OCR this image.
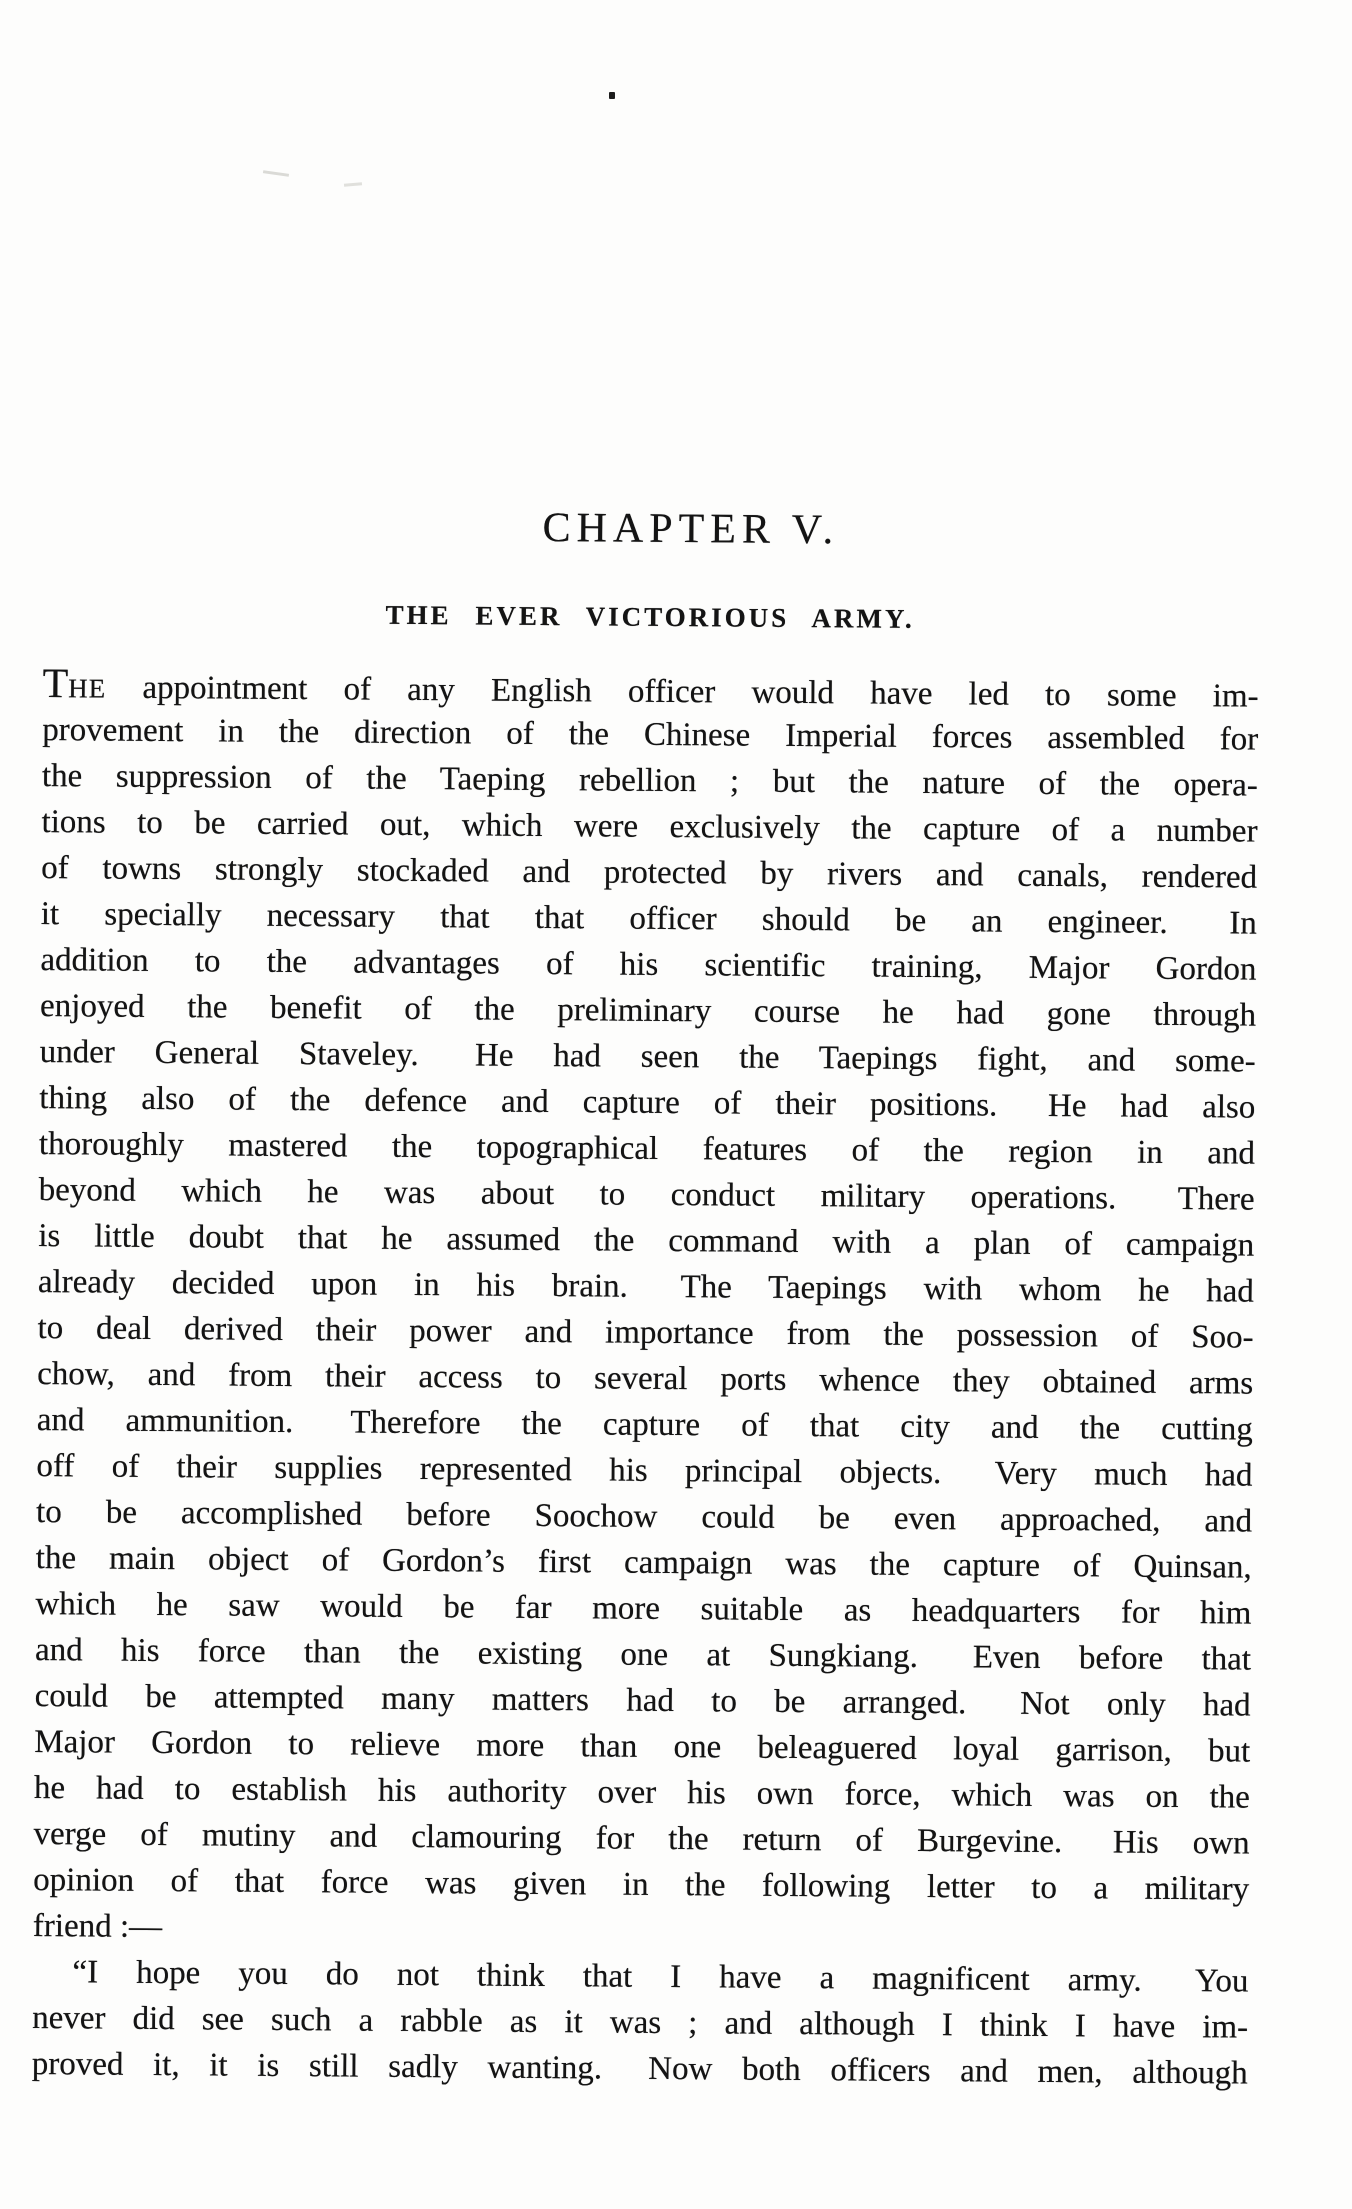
CHAPTER V.
THE EVER VICTORIOUS ARMY.
THE appointment of any English officer would have led to some im-
provement in the direction of the Chinese Imperial forces assembled for
the suppression of the Taeping rebellion ; but the nature of the opera-
tions to be carried out, which were exclusively the capture of a number
of towns strongly stockaded and protected by rivers and canals, rendered
it specially necessary that that officer should be an engineer.  In
addition to the advantages of his scientific training, Major Gordon
enjoyed the benefit of the preliminary course he had gone through
under General Staveley.  He had seen the Taepings fight, and some-
thing also of the defence and capture of their positions.  He had also
thoroughly mastered the topographical features of the region in and
beyond which he was about to conduct military operations.  There
is little doubt that he assumed the command with a plan of campaign
already decided upon in his brain.  The Taepings with whom he had
to deal derived their power and importance from the possession of Soo-
chow, and from their access to several ports whence they obtained arms
and ammunition.  Therefore the capture of that city and the cutting
off of their supplies represented his principal objects.  Very much had
to be accomplished before Soochow could be even approached, and
the main object of Gordon’s first campaign was the capture of Quinsan,
which he saw would be far more suitable as headquarters for him
and his force than the existing one at Sungkiang.  Even before that
could be attempted many matters had to be arranged.  Not only had
Major Gordon to relieve more than one beleaguered loyal garrison, but
he had to establish his authority over his own force, which was on the
verge of mutiny and clamouring for the return of Burgevine.  His own
opinion of that force was given in the following letter to a military
friend :—
“I hope you do not think that I have a magnificent army.  You
never did see such a rabble as it was ; and although I think I have im-
proved it, it is still sadly wanting.  Now both officers and men, although
